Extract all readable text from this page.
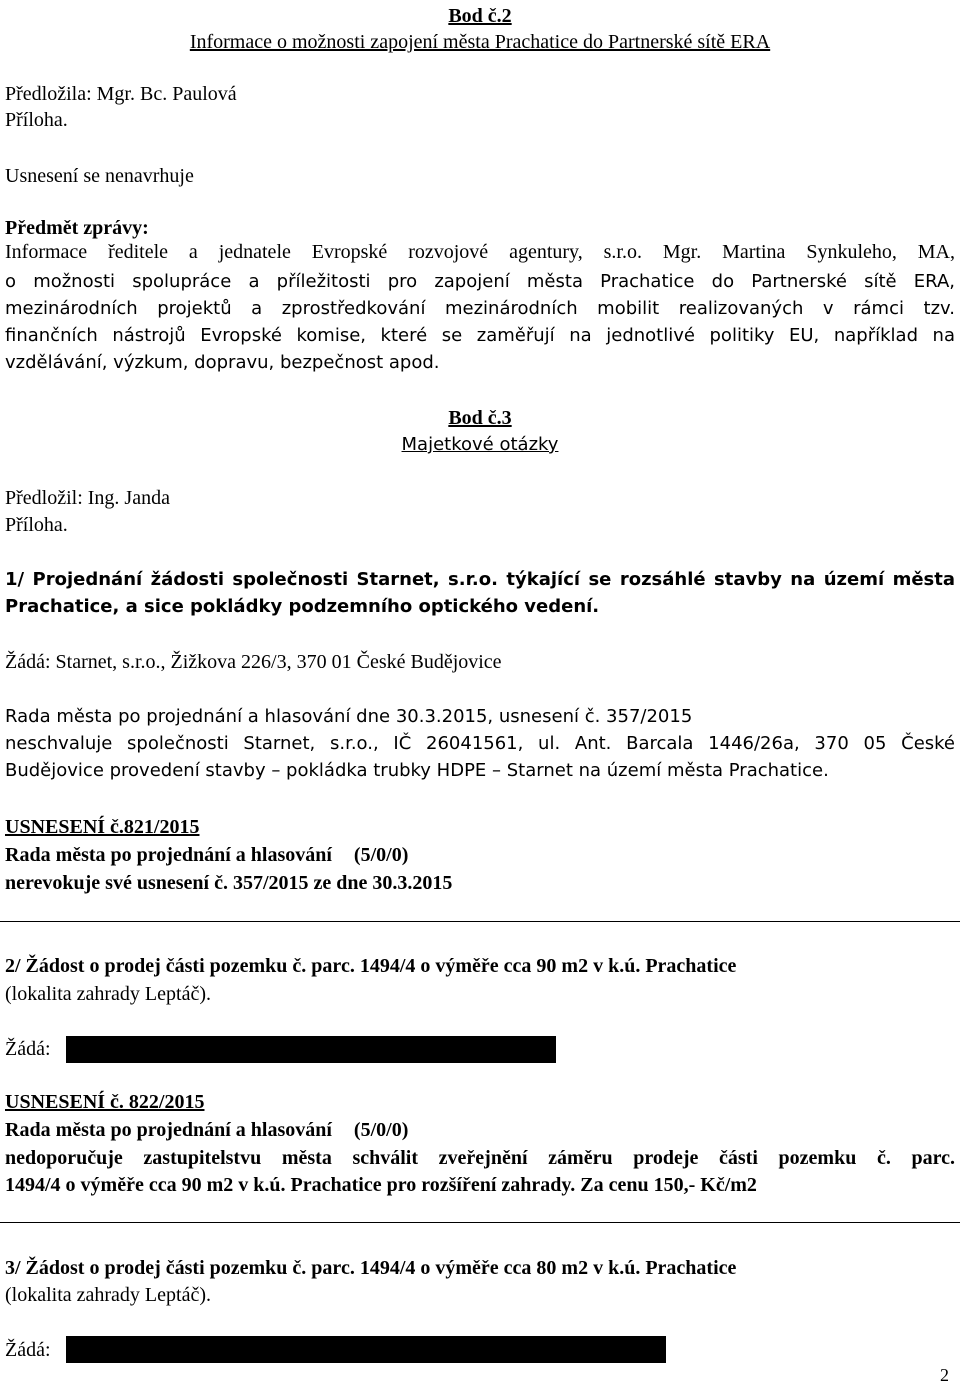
Bod č.2
Informace o možnosti zapojení města Prachatice do Partnerské sítě ERA
Předložila: Mgr. Bc. Paulová
Příloha.
Usnesení se nenavrhuje
Předmět zprávy:
Informace ředitele a jednatele Evropské rozvojové agentury, s.r.o. Mgr. Martina Synkuleho, MA,
o možnosti spolupráce a příležitosti pro zapojení města Prachatice do Partnerské sítě ERA,
mezinárodních projektů a zprostředkování mezinárodních mobilit realizovaných v rámci tzv.
finančních nástrojů Evropské komise, které se zaměřují na jednotlivé politiky EU, například na
vzdělávání, výzkum, dopravu, bezpečnost apod.
Bod č.3
Majetkové otázky
Předložil: Ing. Janda
Příloha.
1/ Projednání žádosti společnosti Starnet, s.r.o. týkající se rozsáhlé stavby na území města
Prachatice, a sice pokládky podzemního optického vedení.
Žádá: Starnet, s.r.o., Žižkova 226/3, 370 01 České Budějovice
Rada města po projednání a hlasování dne 30.3.2015, usnesení č. 357/2015
neschvaluje společnosti Starnet, s.r.o., IČ 26041561, ul. Ant. Barcala 1446/26a, 370 05 České
Budějovice provedení stavby – pokládka trubky HDPE – Starnet na území města Prachatice.
USNESENÍ č.821/2015
Rada města po projednání a hlasování (5/0/0)
nerevokuje své usnesení č. 357/2015 ze dne 30.3.2015
2/ Žádost o prodej části pozemku č. parc. 1494/4 o výměře cca 90 m2 v k.ú. Prachatice
(lokalita zahrady Leptáč).
Žádá:
USNESENÍ č. 822/2015
Rada města po projednání a hlasování (5/0/0)
nedoporučuje zastupitelstvu města schválit zveřejnění záměru prodeje části pozemku č. parc.
1494/4 o výměře cca 90 m2 v k.ú. Prachatice pro rozšíření zahrady. Za cenu 150,- Kč/m2
3/ Žádost o prodej části pozemku č. parc. 1494/4 o výměře cca 80 m2 v k.ú. Prachatice
(lokalita zahrady Leptáč).
Žádá:
2
